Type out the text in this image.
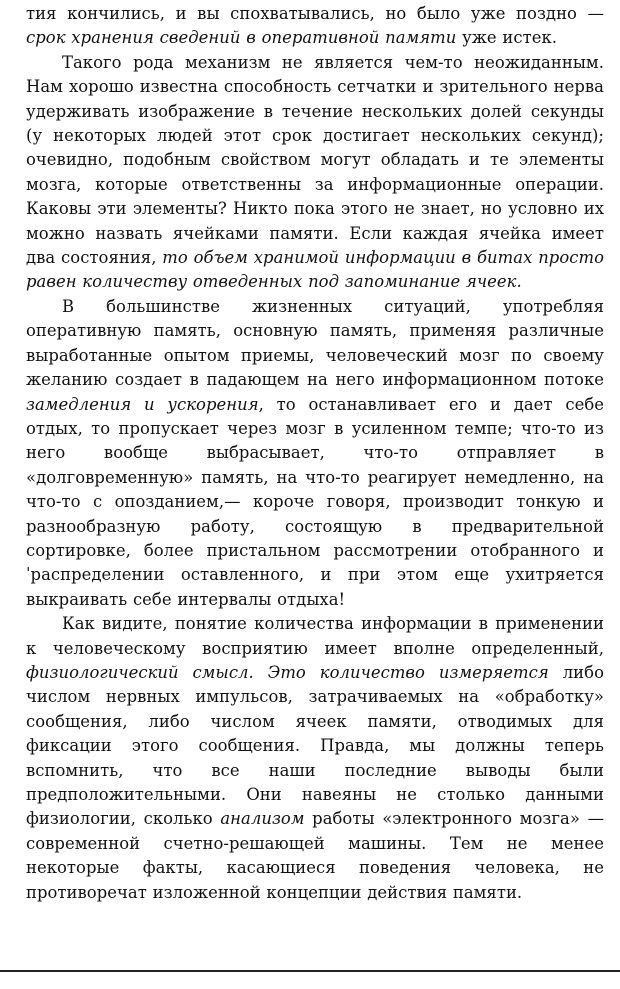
тия кончились, и вы спохватывались, но было уже поздно — срок хранения сведений в оперативной памяти уже истек.

Такого рода механизм не является чем-то неожиданным. Нам хорошо известна способность сетчатки и зрительного нерва удерживать изображение в течение нескольких долей секунды (у некоторых людей этот срок достигает нескольких секунд); очевидно, подобным свойством могут обладать и те элементы мозга, которые ответственны за информационные операции. Каковы эти элементы? Никто пока этого не знает, но условно их можно назвать ячейками памяти. Если каждая ячейка имеет два состояния, то объем хранимой информации в битах просто равен количеству отведенных под запоминание ячеек.

В большинстве жизненных ситуаций, употребляя оперативную память, основную память, применяя различные выработанные опытом приемы, человеческий мозг по своему желанию создает в падающем на него информационном потоке замедления и ускорения, то останавливает его и дает себе отдых, то пропускает через мозг в усиленном темпе; что-то из него вообще выбрасывает, что-то отправляет в «долговременную» память, на что-то реагирует немедленно, на что-то с опозданием,— короче говоря, производит тонкую и разнообразную работу, состоящую в предварительной сортировке, более пристальном рассмотрении отобранного и ˈраспределении оставленного, и при этом еще ухитряется выкраивать себе интервалы отдыха!

Как видите, понятие количества информации в применении к человеческому восприятию имеет вполне определенный, физиологический смысл. Это количество измеряется либо числом нервных импульсов, затрачиваемых на «обработку» сообщения, либо числом ячеек памяти, отводимых для фиксации этого сообщения. Правда, мы должны теперь вспомнить, что все наши последние выводы были предположительными. Они навеяны не столько данными физиологии, сколько анализом работы «электронного мозга» — современной счетно-решающей машины. Тем не менее некоторые факты, касающиеся поведения человека, не противоречат изложенной концепции действия памяти.
